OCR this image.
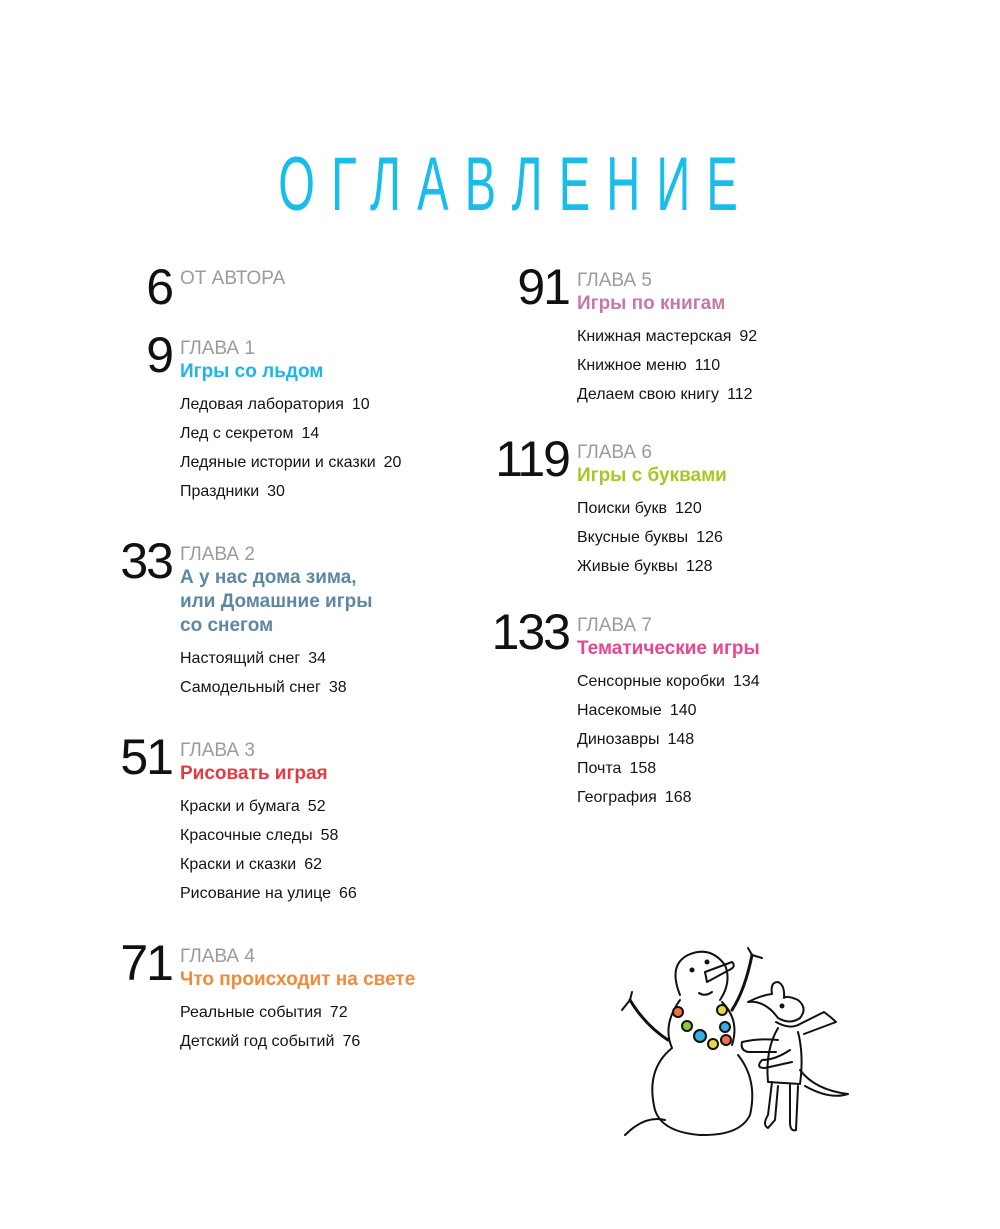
ОГЛАВЛЕНИЕ
6 ОТ АВТОРА
9 ГЛАВА 1
Игры со льдом
Ледовая лаборатория 10
Лед с секретом 14
Ледяные истории и сказки 20
Праздники 30
33 ГЛАВА 2
А у нас дома зима,
или Домашние игры
со снегом
Настоящий снег 34
Самодельный снег 38
51 ГЛАВА 3
Рисовать играя
Краски и бумага 52
Красочные следы 58
Краски и сказки 62
Рисование на улице 66
71 ГЛАВА 4
Что происходит на свете
Реальные события 72
Детский год событий 76
91 ГЛАВА 5
Игры по книгам
Книжная мастерская 92
Книжное меню 110
Делаем свою книгу 112
119 ГЛАВА 6
Игры с буквами
Поиски букв 120
Вкусные буквы 126
Живые буквы 128
133 ГЛАВА 7
Тематические игры
Сенсорные коробки 134
Насекомые 140
Динозавры 148
Почта 158
География 168
